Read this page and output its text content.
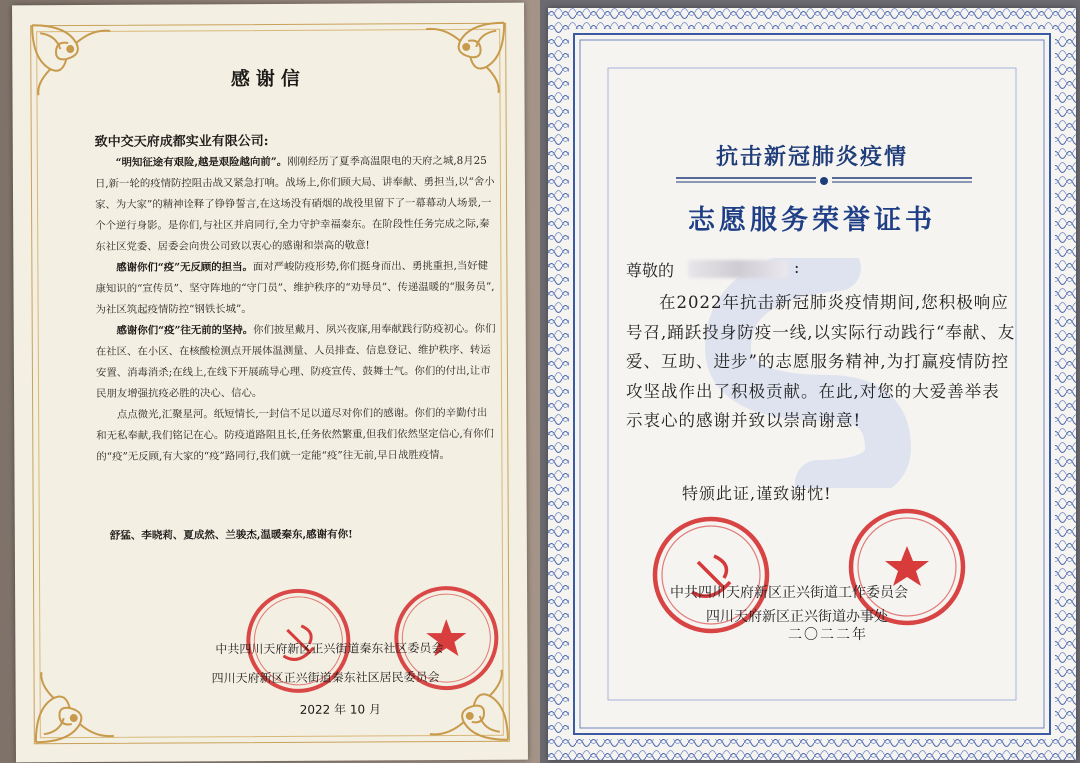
感谢信
致中交天府成都实业有限公司:

“明知征途有艰险,越是艰险越向前”。刚刚经历了夏季高温限电的天府之城,8月25日,新一轮的疫情防控阻击战又紧急打响。战场上,你们顾大局、讲奉献、勇担当,以“舍小家、为大家”的精神诠释了铮铮誓言,在这场没有硝烟的战役里留下了一幕幕动人场景,一个个逆行身影。是你们,与社区并肩同行,全力守护幸福秦东。在阶段性任务完成之际,秦东社区党委、居委会向贵公司致以衷心的感谢和崇高的敬意!

感谢你们“疫”无反顾的担当。面对严峻防疫形势,你们挺身而出、勇挑重担,当好健康知识的“宣传员”、坚守阵地的“守门员”、维护秩序的“劝导员”、传递温暖的“服务员”,为社区筑起疫情防控“钢铁长城”。

感谢你们“疫”往无前的坚持。你们披星戴月、夙兴夜寐,用奉献践行防疫初心。你们在社区、在小区、在核酸检测点开展体温测量、人员排查、信息登记、维护秩序、转运安置、消毒消杀;在线上,在线下开展疏导心理、防疫宣传、鼓舞士气。你们的付出,让市民朋友增强抗疫必胜的决心、信心。

点点微光,汇聚星河。纸短情长,一封信不足以道尽对你们的感谢。你们的辛勤付出和无私奉献,我们铭记在心。防疫道路阻且长,任务依然繁重,但我们依然坚定信心,有你们的“疫”无反顾,有大家的“疫”路同行,我们就一定能“疫”往无前,早日战胜疫情。

舒猛、李晓莉、夏成然、兰骏杰,温暖秦东,感谢有你!
中共四川天府新区正兴街道秦东社区委员会
四川天府新区正兴街道秦东社区居民委员会
2022 年 10 月
抗击新冠肺炎疫情
志愿服务荣誉证书
尊敬的	:

在2022年抗击新冠肺炎疫情期间,您积极响应号召,踊跃投身防疫一线,以实际行动践行“奉献、友爱、互助、进步”的志愿服务精神,为打赢疫情防控攻坚战作出了积极贡献。在此,对您的大爱善举表示衷心的感谢并致以崇高谢意!

特颁此证,谨致谢忱!
中共四川天府新区正兴街道工作委员会
四川天府新区正兴街道办事处
二〇二二年
